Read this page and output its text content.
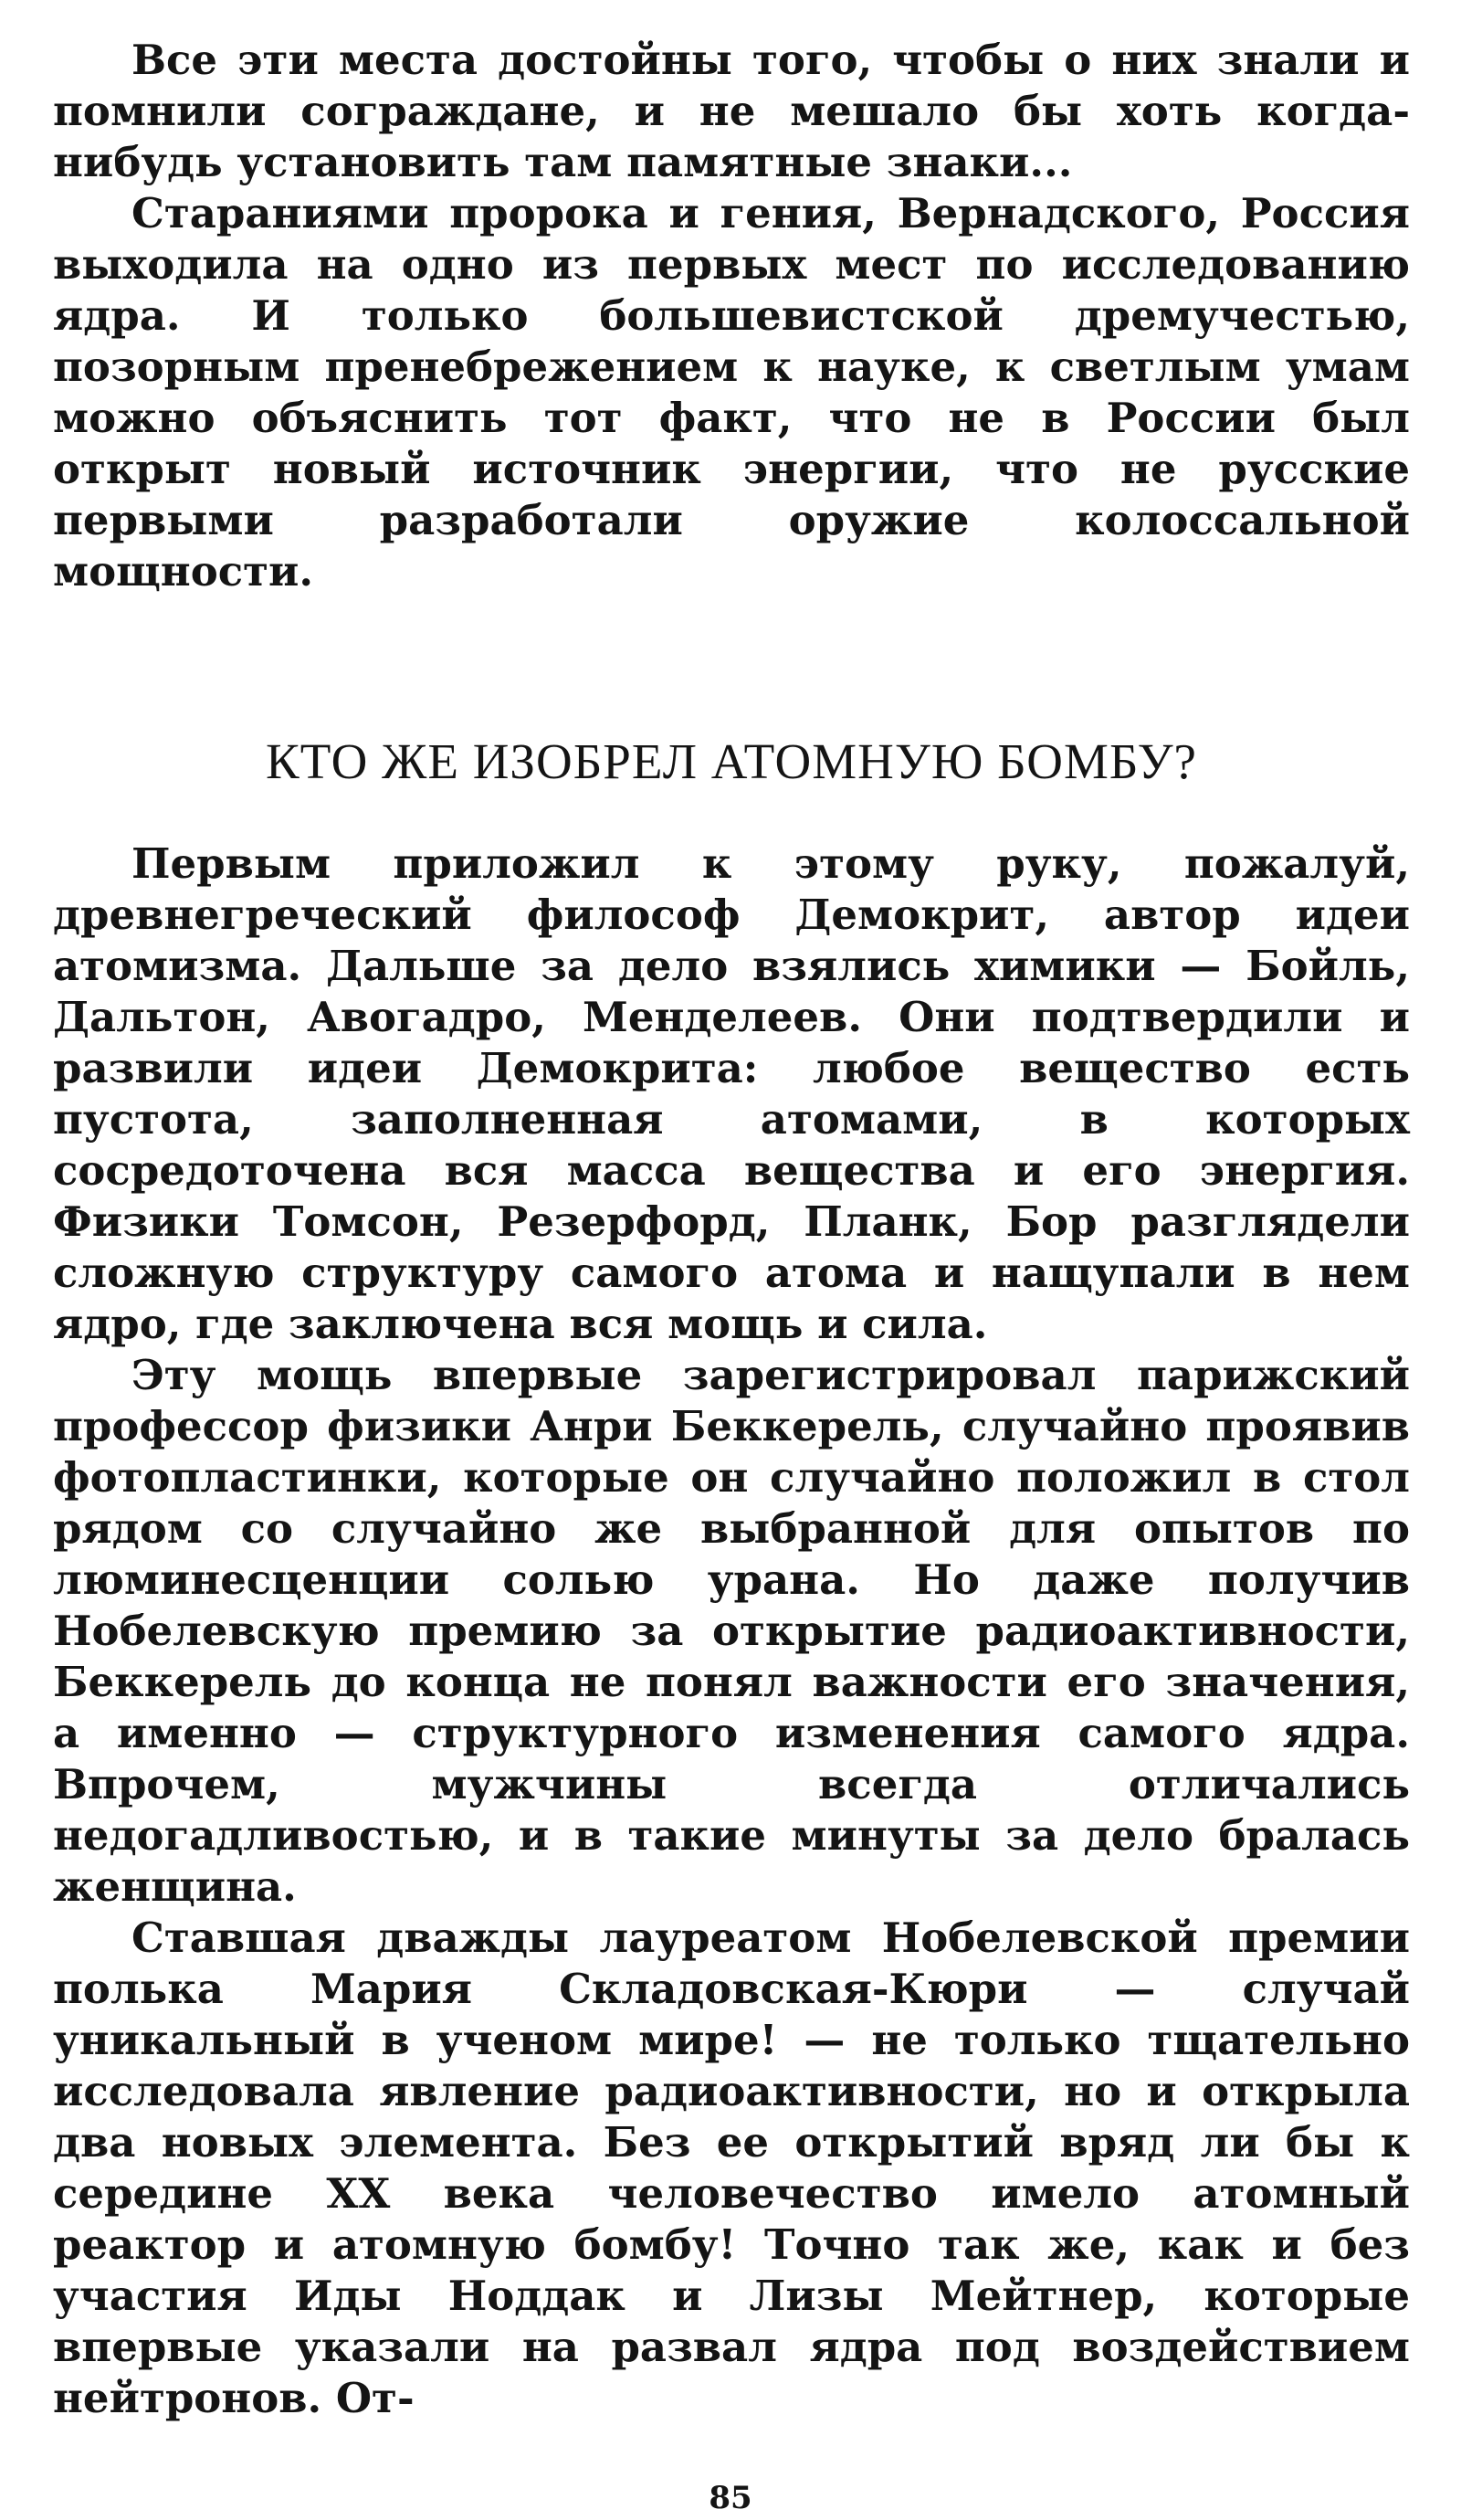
Все эти места достойны того, чтобы о них знали и помнили сограждане, и не мешало бы хоть когда-нибудь установить там памятные знаки...

Стараниями пророка и гения, Вернадского, Россия выходила на одно из первых мест по исследованию ядра. И только большевистской дремучестью, позорным пренебрежением к науке, к светлым умам можно объяснить тот факт, что не в России был открыт новый источник энергии, что не русские первыми разработали оружие колоссальной мощности.

КТО ЖЕ ИЗОБРЕЛ АТОМНУЮ БОМБУ?

Первым приложил к этому руку, пожалуй, древнегреческий философ Демокрит, автор идеи атомизма. Дальше за дело взялись химики — Бойль, Дальтон, Авогадро, Менделеев. Они подтвердили и развили идеи Демокрита: любое вещество есть пустота, заполненная атомами, в которых сосредоточена вся масса вещества и его энергия. Физики Томсон, Резерфорд, Планк, Бор разглядели сложную структуру самого атома и нащупали в нем ядро, где заключена вся мощь и сила.

Эту мощь впервые зарегистрировал парижский профессор физики Анри Беккерель, случайно проявив фотопластинки, которые он случайно положил в стол рядом со случайно же выбранной для опытов по люминесценции солью урана. Но даже получив Нобелевскую премию за открытие радиоактивности, Беккерель до конца не понял важности его значения, а именно — структурного изменения самого ядра. Впрочем, мужчины всегда отличались недогадливостью, и в такие минуты за дело бралась женщина.

Ставшая дважды лауреатом Нобелевской премии полька Мария Складовская-Кюри — случай уникальный в ученом мире! — не только тщательно исследовала явление радиоактивности, но и открыла два новых элемента. Без ее открытий вряд ли бы к середине XX века человечество имело атомный реактор и атомную бомбу! Точно так же, как и без участия Иды Ноддак и Лизы Мейтнер, которые впервые указали на развал ядра под воздействием нейтронов. От-

85
